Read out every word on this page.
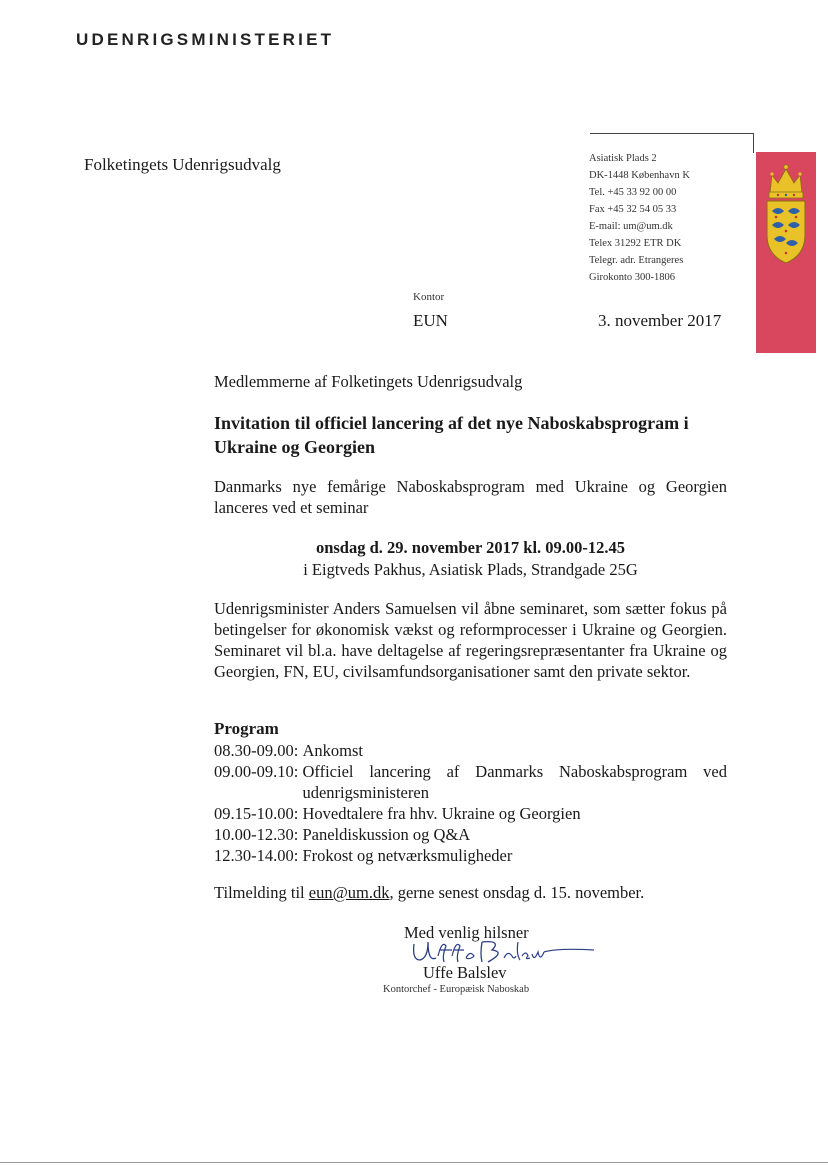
UDENRIGSMINISTERIET
Folketingets Udenrigsudvalg	Asiatisk Plads 2
DK-1448 København K
Tel. +45 33 92 00 00
Fax +45 32 54 05 33
E-mail: um@um.dk
Telex 31292 ETR DK
Telegr. adr. Etrangeres
Girokonto 300-1806
Kontor
EUN	3. november 2017
Medlemmerne af Folketingets Udenrigsudvalg
Invitation til officiel lancering af det nye Naboskabsprogram i Ukraine og Georgien

Danmarks nye femårige Naboskabsprogram med Ukraine og Georgien lanceres ved et seminar

onsdag d. 29. november 2017 kl. 09.00-12.45
i Eigtveds Pakhus, Asiatisk Plads, Strandgade 25G

Udenrigsminister Anders Samuelsen vil åbne seminaret, som sætter fokus på betingelser for økonomisk vækst og reformprocesser i Ukraine og Georgien. Seminaret vil bl.a. have deltagelse af regeringsrepræsentanter fra Ukraine og Georgien, FN, EU, civilsamfundsorganisationer samt den private sektor.

Program
08.30-09.00:
Ankomst
09.00-09.10:
Officiel lancering af Danmarks Naboskabsprogram ved udenrigsministeren
09.15-10.00:
Hovedtalere fra hhv. Ukraine og Georgien
10.00-12.30:
Paneldiskussion og Q&A
12.30-14.00:
Frokost og netværksmuligheder
Tilmelding til eun@um.dk, gerne senest onsdag d. 15. november.
Med venlig hilsner
Uffe Balslev
Kontorchef - Europæisk Naboskab
